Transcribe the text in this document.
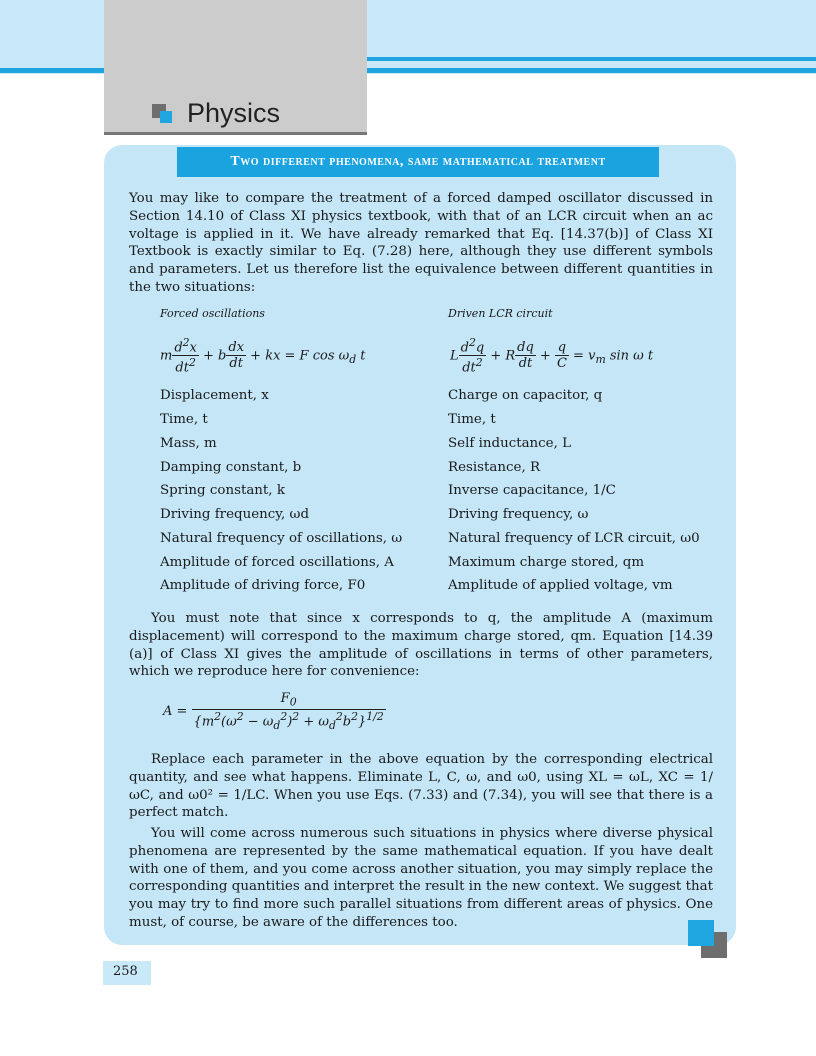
Physics
Two different phenomena, same mathematical treatment

You may like to compare the treatment of a forced damped oscillator discussed in Section 14.10 of Class XI physics textbook, with that of an LCR circuit when an ac voltage is applied in it. We have already remarked that Eq. [14.37(b)] of Class XI Textbook is exactly similar to Eq. (7.28) here, although they use different symbols and parameters. Let us therefore list the equivalence between different quantities in the two situations:

Forced oscillations	Driven LCR circuit
m $\frac{d^2x}{dt^2} + b \frac{dx}{dt}$ + kx = F $\cos \omega_d$ t	L $\frac{d^2q}{dt^2} + R \frac{dq}{dt} + \frac{q}{C} = v_m$ sin ω t
Displacement, x	Charge on capacitor, q
Time, t	Time, t
Mass, m	Self inductance, L
Damping constant, b	Resistance, R
Spring constant, k	Inverse capacitance, 1/C
Driving frequency, ωd	Driving frequency, ω
Natural frequency of oscillations, ω	Natural frequency of LCR circuit, ω0
Amplitude of forced oscillations, A	Maximum charge stored, qm
Amplitude of driving force, F0	Amplitude of applied voltage, vm

You must note that since x corresponds to q, the amplitude A (maximum displacement) will correspond to the maximum charge stored, qm. Equation [14.39 (a)] of Class XI gives the amplitude of oscillations in terms of other parameters, which we reproduce here for convenience:

$A = \frac{F_0}{\{m^2(\omega^2 - \omega_d^2)^2 + \omega_d^2b^2\}^{1/2}}$

Replace each parameter in the above equation by the corresponding electrical quantity, and see what happens. Eliminate L, C, ω, and ω0, using XL = ωL, XC = 1/ωC, and ω0² = 1/LC. When you use Eqs. (7.33) and (7.34), you will see that there is a perfect match.

You will come across numerous such situations in physics where diverse physical phenomena are represented by the same mathematical equation. If you have dealt with one of them, and you come across another situation, you may simply replace the corresponding quantities and interpret the result in the new context. We suggest that you may try to find more such parallel situations from different areas of physics. One must, of course, be aware of the differences too.

258
